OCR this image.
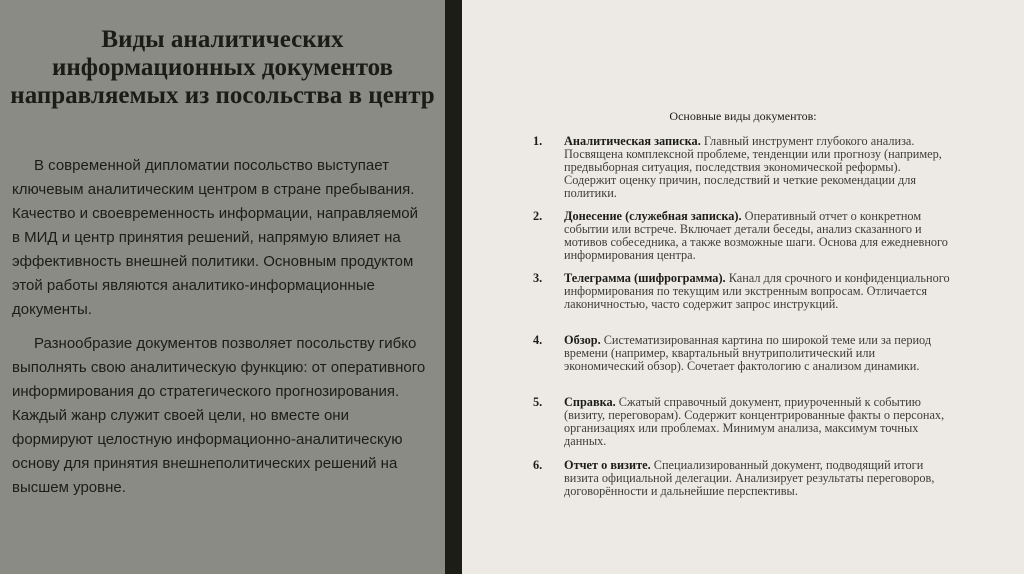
Виды аналитических информационных документов направляемых из посольства в центр

В современной дипломатии посольство выступает ключевым аналитическим центром в стране пребывания. Качество и своевременность информации, направляемой в МИД и центр принятия решений, напрямую влияет на эффективность внешней политики. Основным продуктом этой работы являются аналитико-информационные документы.

Разнообразие документов позволяет посольству гибко выполнять свою аналитическую функцию: от оперативного информирования до стратегического прогнозирования. Каждый жанр служит своей цели, но вместе они формируют целостную информационно-аналитическую основу для принятия внешнеполитических решений на высшем уровне.

Основные виды документов:

1. Аналитическая записка. Главный инструмент глубокого анализа. Посвящена комплексной проблеме, тенденции или прогнозу (например, предвыборная ситуация, последствия экономической реформы). Содержит оценку причин, последствий и четкие рекомендации для политики.
2. Донесение (служебная записка). Оперативный отчет о конкретном событии или встрече. Включает детали беседы, анализ сказанного и мотивов собеседника, а также возможные шаги. Основа для ежедневного информирования центра.
3. Телеграмма (шифрограмма). Канал для срочного и конфиденциального информирования по текущим или экстренным вопросам. Отличается лаконичностью, часто содержит запрос инструкций.
4. Обзор. Систематизированная картина по широкой теме или за период времени (например, квартальный внутриполитический или экономический обзор). Сочетает фактологию с анализом динамики.
5. Справка. Сжатый справочный документ, приуроченный к событию (визиту, переговорам). Содержит концентрированные факты о персонах, организациях или проблемах. Минимум анализа, максимум точных данных.
6. Отчет о визите. Специализированный документ, подводящий итоги визита официальной делегации. Анализирует результаты переговоров, договорённости и дальнейшие перспективы.
